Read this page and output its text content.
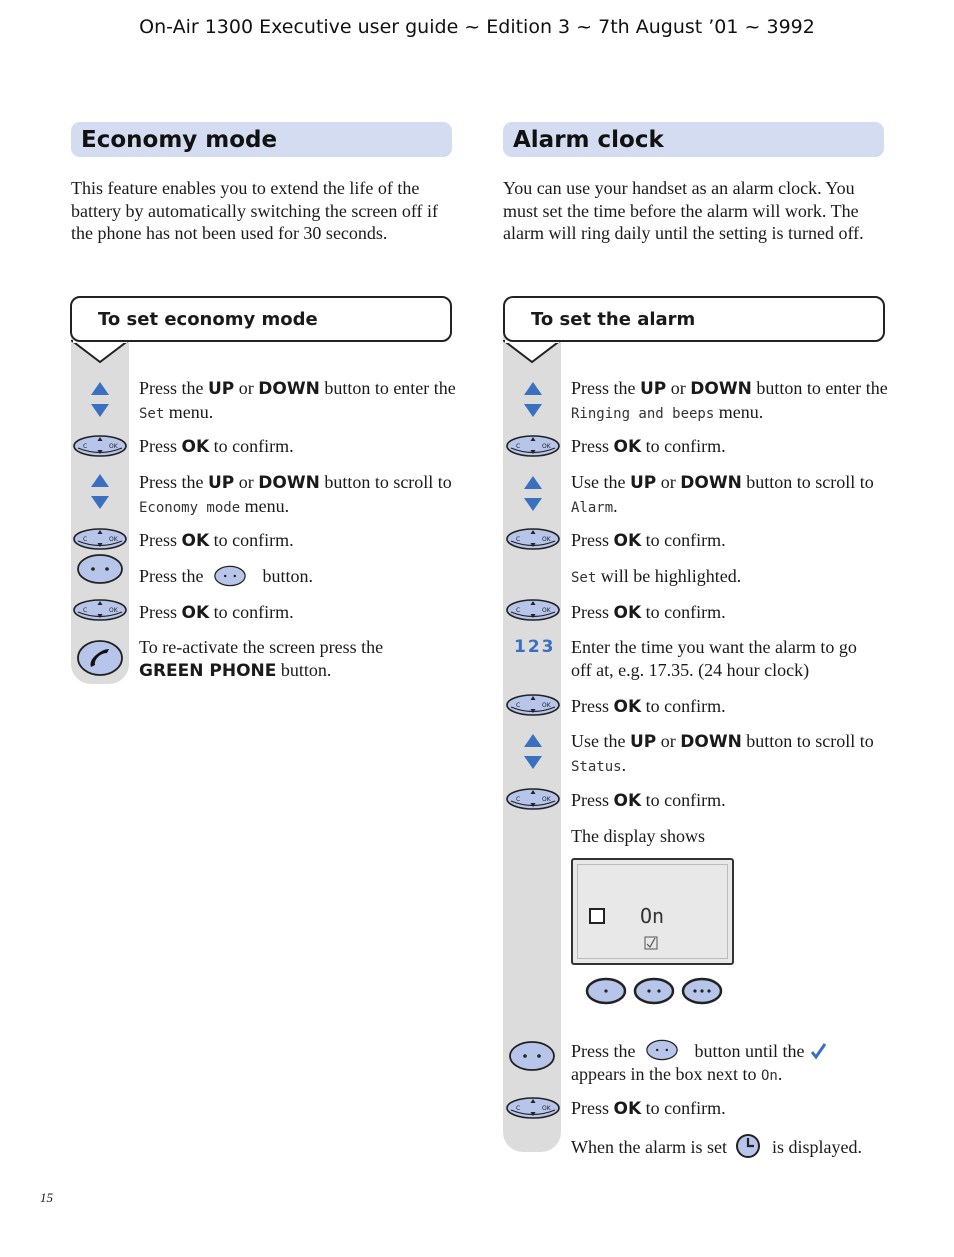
On-Air 1300 Executive user guide ~ Edition 3 ~ 7th August ’01 ~ 3992
Economy mode
This feature enables you to extend the life of the battery by automatically switching the screen off if the phone has not been used for 30 seconds.
To set economy mode
Press the UP or DOWN button to enter the Set menu.
Press OK to confirm.
Press the UP or DOWN button to scroll to Economy mode menu.
Press OK to confirm.
Press the	button.
Press OK to confirm.
To re-activate the screen press the GREEN PHONE button.
Alarm clock
You can use your handset as an alarm clock. You must set the time before the alarm will work. The alarm will ring daily until the setting is turned off.
To set the alarm
123
Press the UP or DOWN button to enter the Ringing and beeps menu.
Press OK to confirm.
Use the UP or DOWN button to scroll to Alarm.
Press OK to confirm.
Set will be highlighted.
Press OK to confirm.
Enter the time you want the alarm to go off at, e.g. 17.35. (24 hour clock)
Press OK to confirm.
Use the UP or DOWN button to scroll to Status.
Press OK to confirm.
The display shows
On
Press the	button until the
appears in the box next to On.
Press OK to confirm.
When the alarm is set  is displayed.
15
